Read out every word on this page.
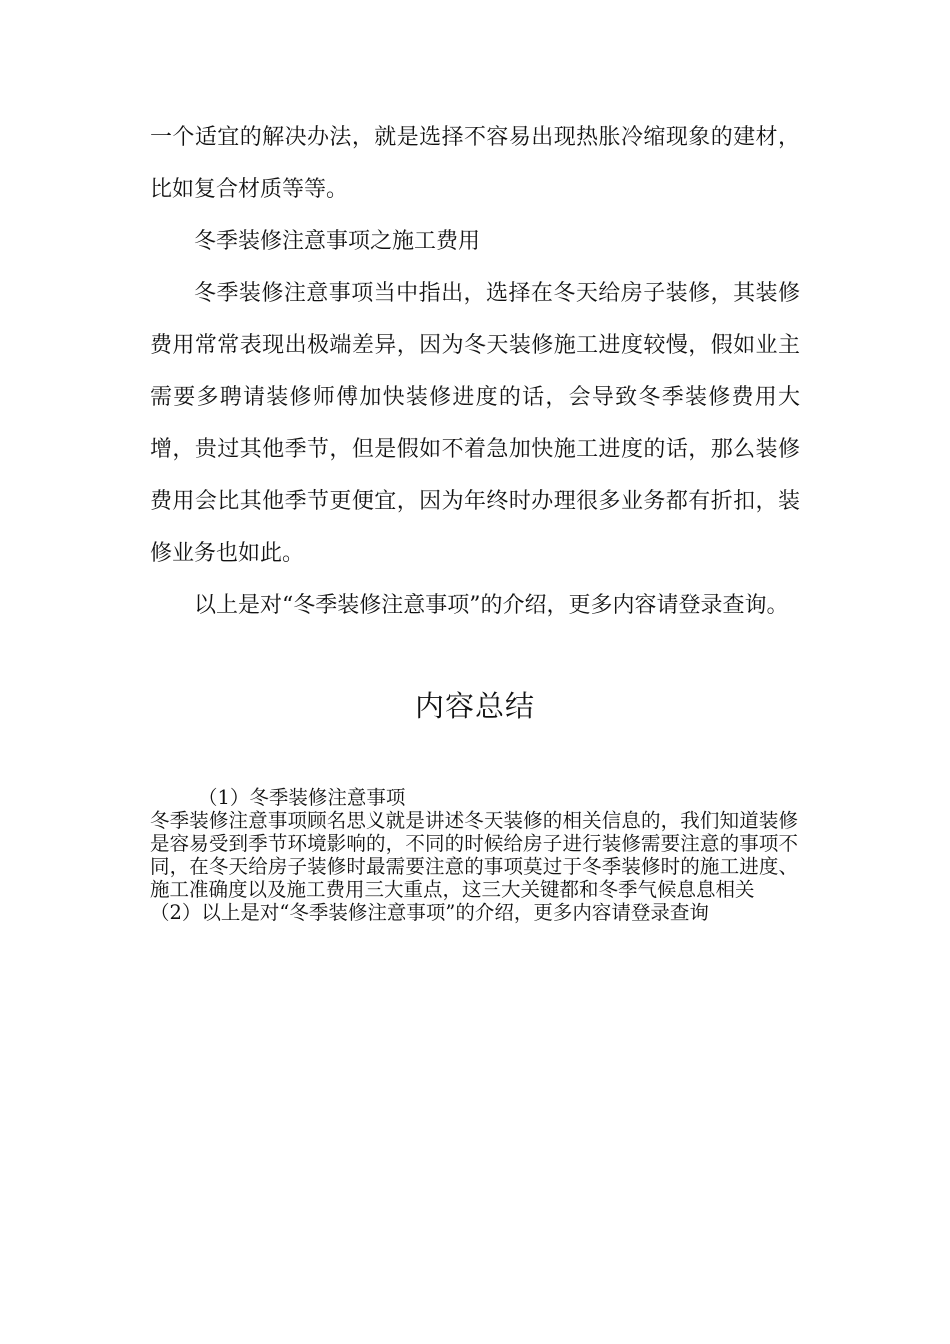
一个适宜的解决办法，就是选择不容易出现热胀冷缩现象的建材，比如复合材质等等。

冬季装修注意事项之施工费用

冬季装修注意事项当中指出，选择在冬天给房子装修，其装修费用常常表现出极端差异，因为冬天装修施工进度较慢，假如业主需要多聘请装修师傅加快装修进度的话，会导致冬季装修费用大增，贵过其他季节，但是假如不着急加快施工进度的话，那么装修费用会比其他季节更便宜，因为年终时办理很多业务都有折扣，装修业务也如此。

以上是对“冬季装修注意事项”的介绍，更多内容请登录查询。

内容总结

（1）冬季装修注意事项

冬季装修注意事项顾名思义就是讲述冬天装修的相关信息的，我们知道装修是容易受到季节环境影响的，不同的时候给房子进行装修需要注意的事项不同，在冬天给房子装修时最需要注意的事项莫过于冬季装修时的施工进度、施工准确度以及施工费用三大重点，这三大关键都和冬季气候息息相关

（2）以上是对“冬季装修注意事项”的介绍，更多内容请登录查询
